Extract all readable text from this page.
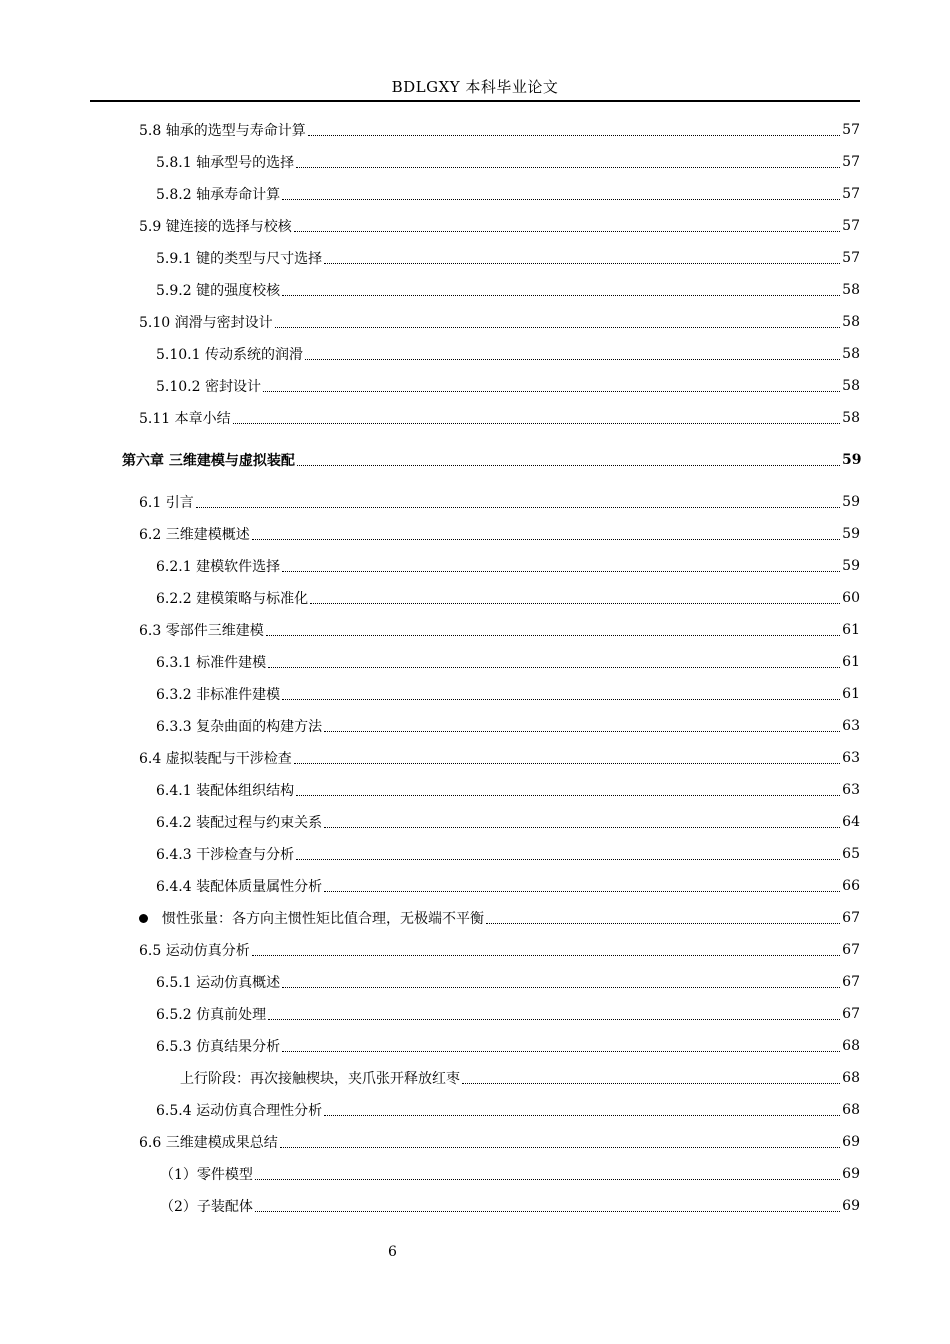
BDLGXY 本科毕业论文
5.8 轴承的选型与寿命计算	57
5.8.1 轴承型号的选择	57
5.8.2 轴承寿命计算	57
5.9 键连接的选择与校核	57
5.9.1 键的类型与尺寸选择	57
5.9.2 键的强度校核	58
5.10 润滑与密封设计	58
5.10.1 传动系统的润滑	58
5.10.2 密封设计	58
5.11 本章小结	58
第六章 三维建模与虚拟装配	59
6.1 引言	59
6.2 三维建模概述	59
6.2.1 建模软件选择	59
6.2.2 建模策略与标准化	60
6.3 零部件三维建模	61
6.3.1 标准件建模	61
6.3.2 非标准件建模	61
6.3.3 复杂曲面的构建方法	63
6.4 虚拟装配与干涉检查	63
6.4.1 装配体组织结构	63
6.4.2 装配过程与约束关系	64
6.4.3 干涉检查与分析	65
6.4.4 装配体质量属性分析	66
惯性张量：各方向主惯性矩比值合理，无极端不平衡	67
6.5 运动仿真分析	67
6.5.1 运动仿真概述	67
6.5.2 仿真前处理	67
6.5.3 仿真结果分析	68
上行阶段：再次接触楔块，夹爪张开释放红枣	68
6.5.4 运动仿真合理性分析	68
6.6 三维建模成果总结	69
（1）零件模型	69
（2）子装配体	69
6
